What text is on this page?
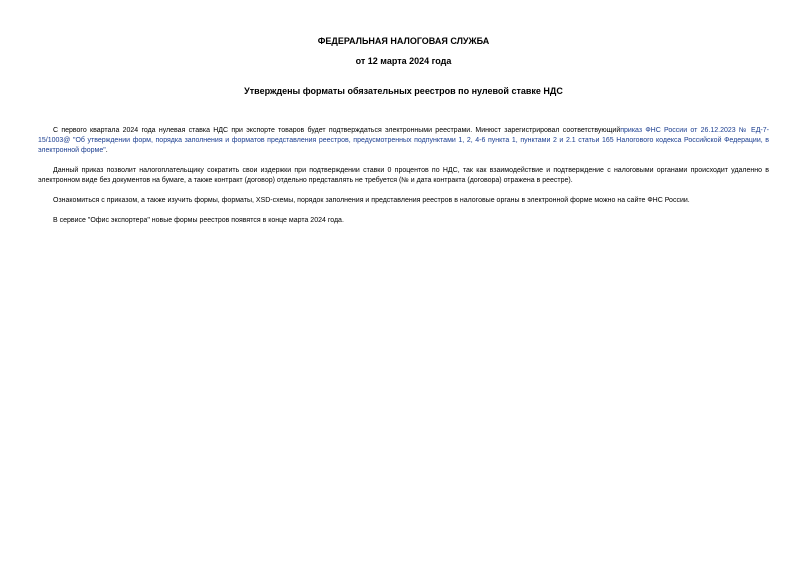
ФЕДЕРАЛЬНАЯ НАЛОГОВАЯ СЛУЖБА

от 12 марта 2024 года

Утверждены форматы обязательных реестров по нулевой ставке НДС

С первого квартала 2024 года нулевая ставка НДС при экспорте товаров будет подтверждаться электронными реестрами. Минюст зарегистрировал соответствующийприказ ФНС России от 26.12.2023 № ЕД-7-15/1003@ "Об утверждении форм, порядка заполнения и форматов представления реестров, предусмотренных подпунктами 1, 2, 4-6 пункта 1, пунктами 2 и 2.1 статьи 165 Налогового кодекса Российской Федерации, в электронной форме".

Данный приказ позволит налогоплательщику сократить свои издержки при подтверждении ставки 0 процентов по НДС, так как взаимодействие и подтверждение с налоговыми органами происходит удаленно в электронном виде без документов на бумаге, а также контракт (договор) отдельно представлять не требуется (№ и дата контракта (договора) отражена в реестре).

Ознакомиться с приказом, а также изучить формы, форматы, XSD-схемы, порядок заполнения и представления реестров в налоговые органы в электронной форме можно на сайте ФНС России.

В сервисе "Офис экспортера" новые формы реестров появятся в конце марта 2024 года.
